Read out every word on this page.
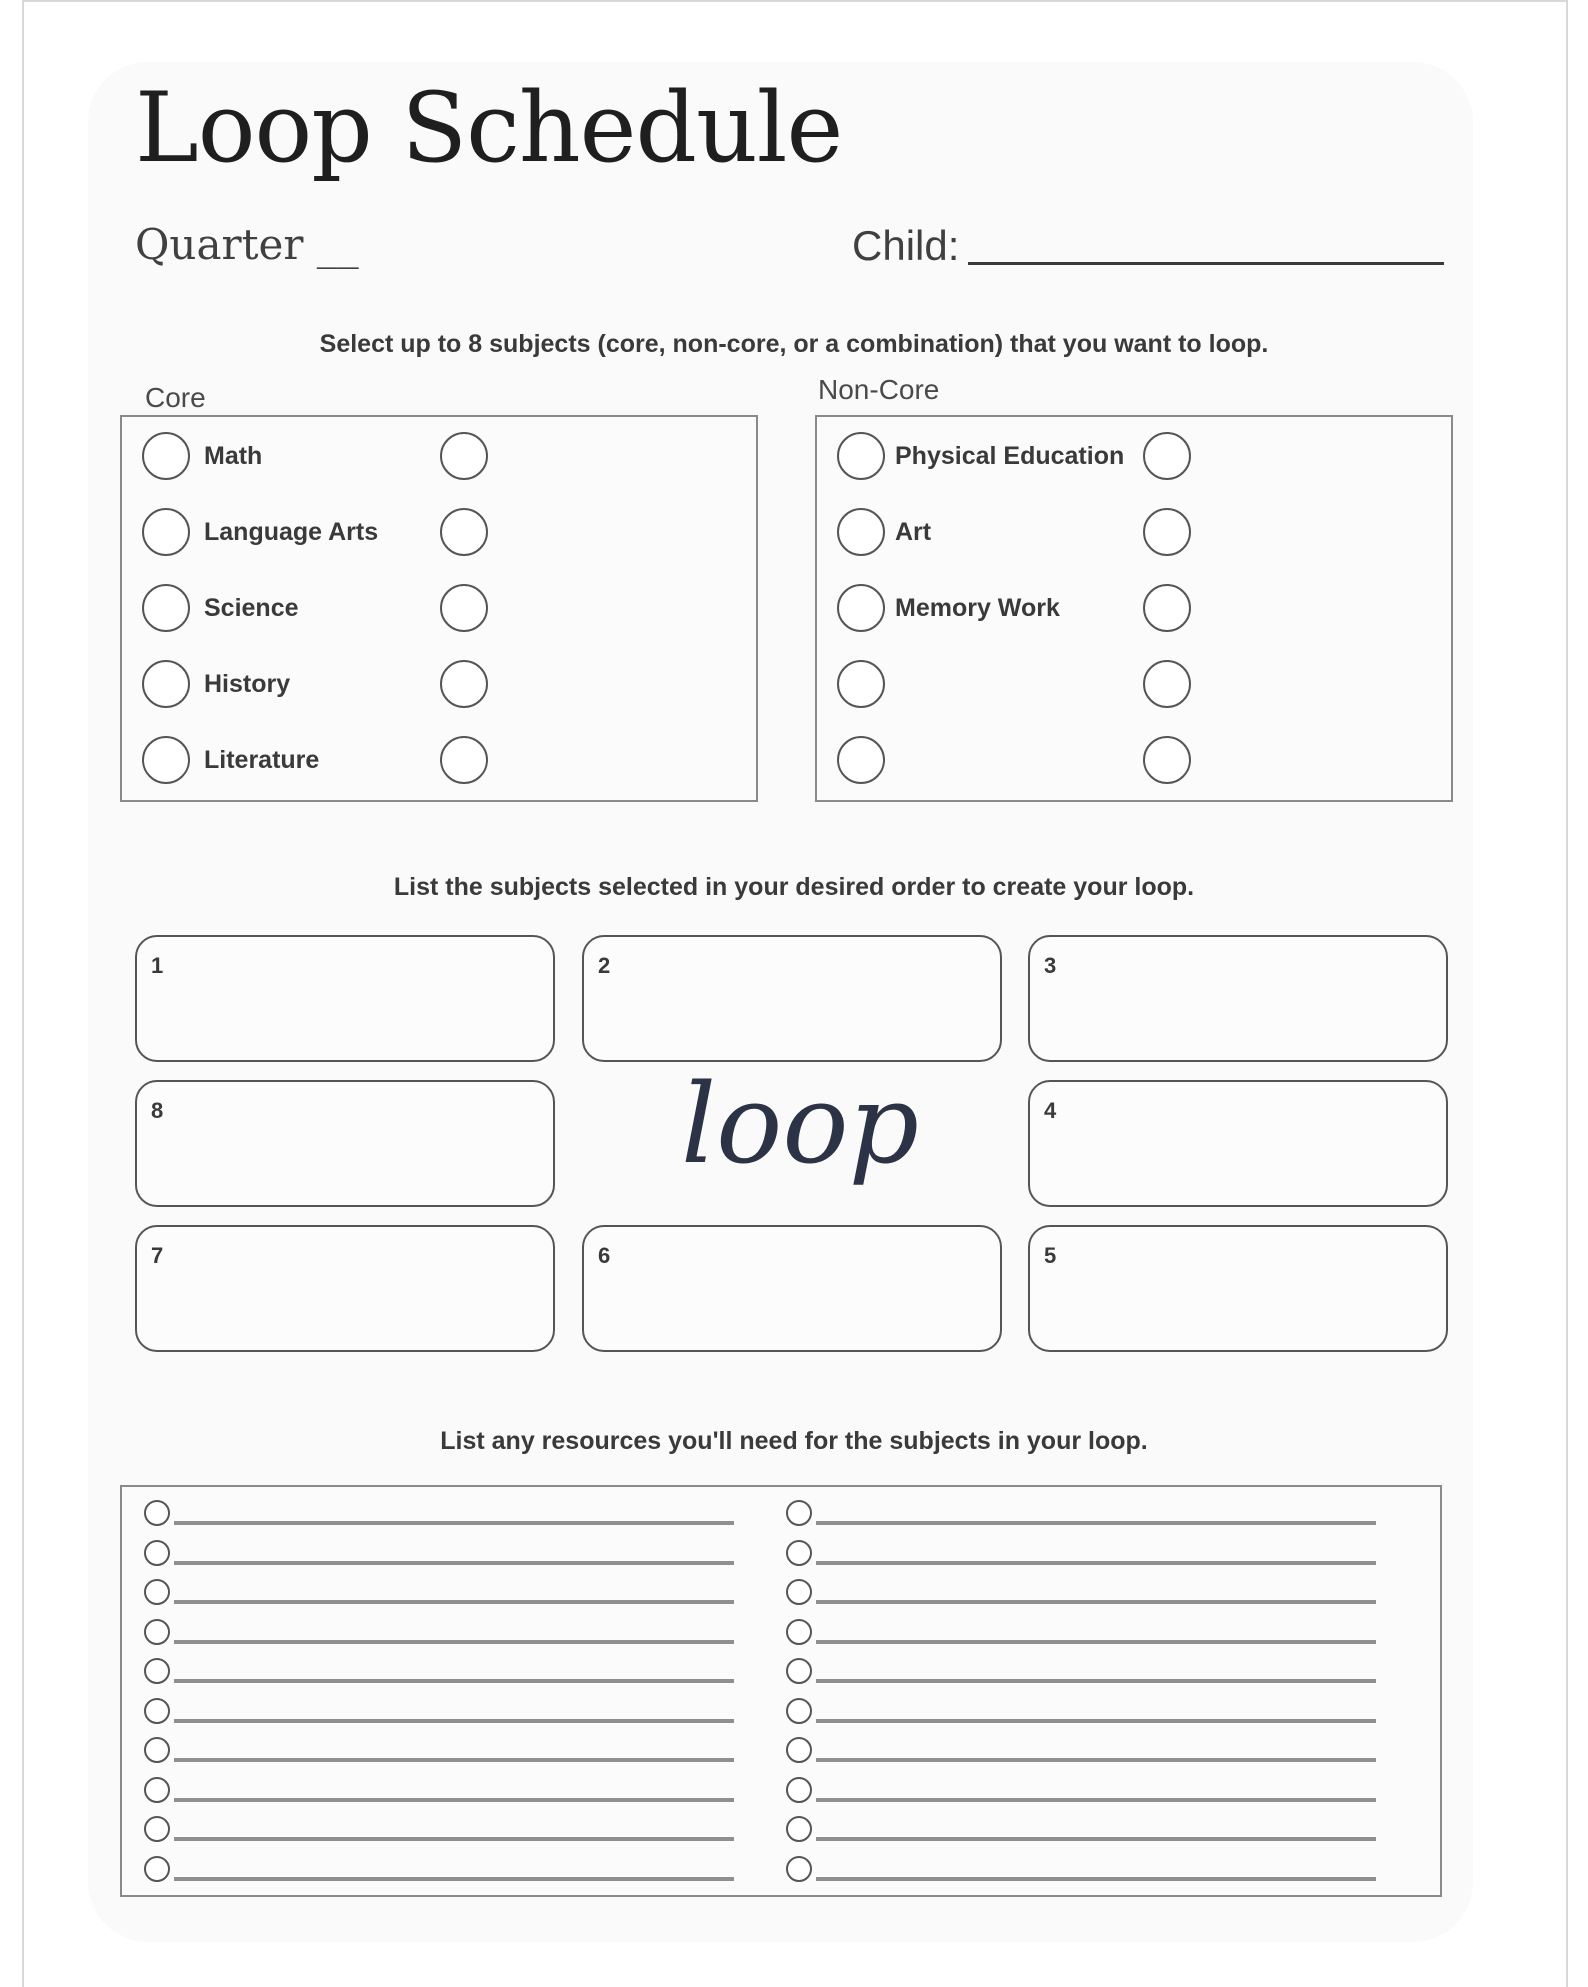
Loop Schedule
Quarter __	Child:
Select up to 8 subjects (core, non-core, or a combination) that you want to loop.
Core
Math
Language Arts
Science
History
Literature
Non-Core
Physical Education
Art
Memory Work
List the subjects selected in your desired order to create your loop.
1	2	3
8	loop	4
7	6	5
List any resources you'll need for the subjects in your loop.
